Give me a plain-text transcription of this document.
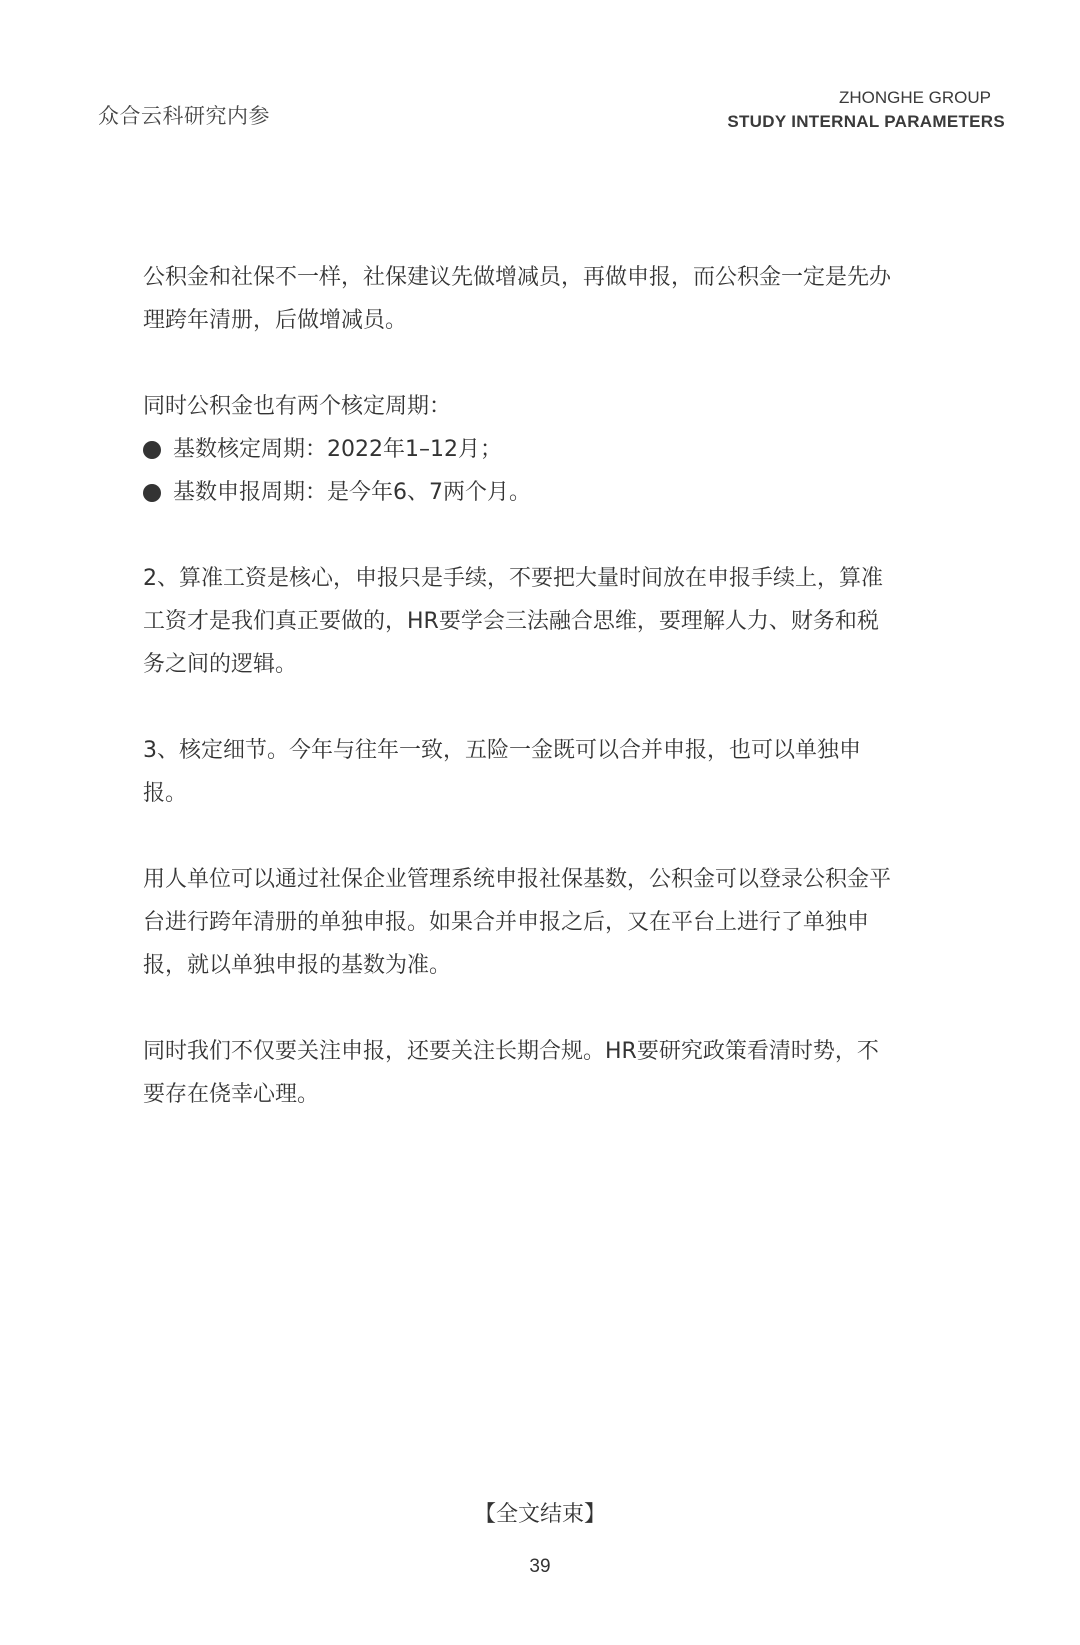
众合云科研究内参
ZHONGHE GROUP
STUDY INTERNAL PARAMETERS

公积金和社保不一样，社保建议先做增减员，再做申报，而公积金一定是先办

理跨年清册，后做增减员。

同时公积金也有两个核定周期：

基数核定周期：2022年1–12月；
基数申报周期：是今年6、7两个月。

2、算准工资是核心，申报只是手续，不要把大量时间放在申报手续上，算准

工资才是我们真正要做的，HR要学会三法融合思维，要理解人力、财务和税

务之间的逻辑。

3、核定细节。今年与往年一致，五险一金既可以合并申报，也可以单独申

报。

用人单位可以通过社保企业管理系统申报社保基数，公积金可以登录公积金平

台进行跨年清册的单独申报。如果合并申报之后，又在平台上进行了单独申

报，就以单独申报的基数为准。

同时我们不仅要关注申报，还要关注长期合规。HR要研究政策看清时势，不

要存在侥幸心理。

【全文结束】
39
